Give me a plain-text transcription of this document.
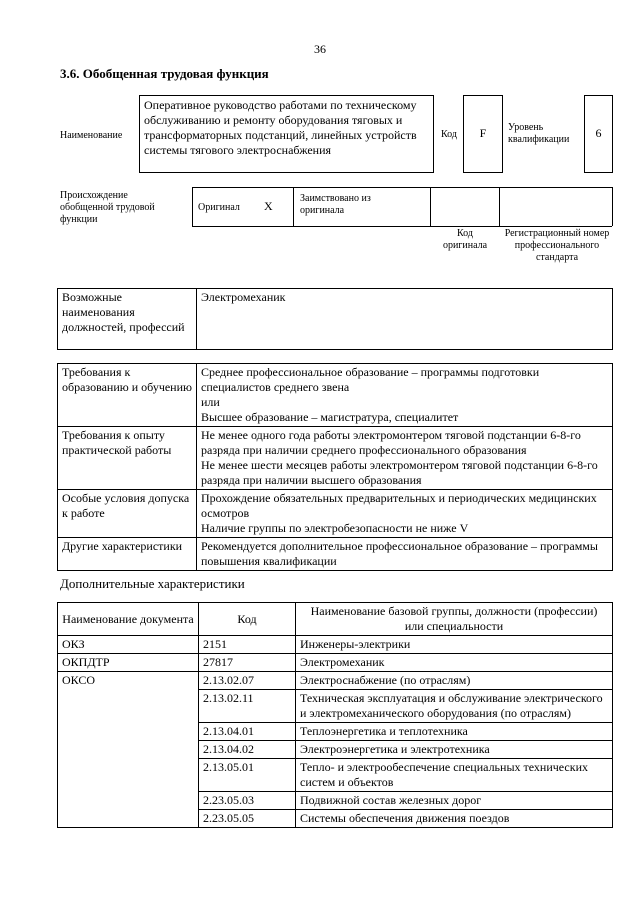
36
3.6. Обобщенная трудовая функция
Наименование
Оперативное руководство работами по техническому обслуживанию и ремонту оборудования тяговых и трансформаторных подстанций, линейных устройств системы тягового электроснабжения
Код	F	Уровень квалификации	6
Происхождение обобщенной трудовой функции
Оригинал X
Заимствовано из оригинала
Код оригинала
Регистрационный номер профессионального стандарта
Возможные наименования должностей, профессий	Электромеханик
Требования к образованию и обучению	Среднее профессиональное образование – программы подготовки специалистов среднего звена
или
Высшее образование – магистратура, специалитет

Требования к опыту практической работы	Не менее одного года работы электромонтером тяговой подстанции 6-8-го разряда при наличии среднего профессионального образования
Не менее шести месяцев работы электромонтером тяговой подстанции 6-8-го разряда при наличии высшего образования

Особые условия допуска к работе	Прохождение обязательных предварительных и периодических медицинских осмотров
Наличие группы по электробезопасности не ниже V

Другие характеристики	Рекомендуется дополнительное профессиональное образование – программы повышения квалификации
Дополнительные характеристики
Наименование документа	Код	Наименование базовой группы, должности (профессии) или специальности
ОКЗ	2151	Инженеры-электрики
ОКПДТР	27817	Электромеханик
ОКСО	2.13.02.07	Электроснабжение (по отраслям)
	2.13.02.11	Техническая эксплуатация и обслуживание электрического и электромеханического оборудования (по отраслям)
	2.13.04.01	Теплоэнергетика и теплотехника
	2.13.04.02	Электроэнергетика и электротехника
	2.13.05.01	Тепло- и электрообеспечение специальных технических систем и объектов
	2.23.05.03	Подвижной состав железных дорог
	2.23.05.05	Системы обеспечения движения поездов
